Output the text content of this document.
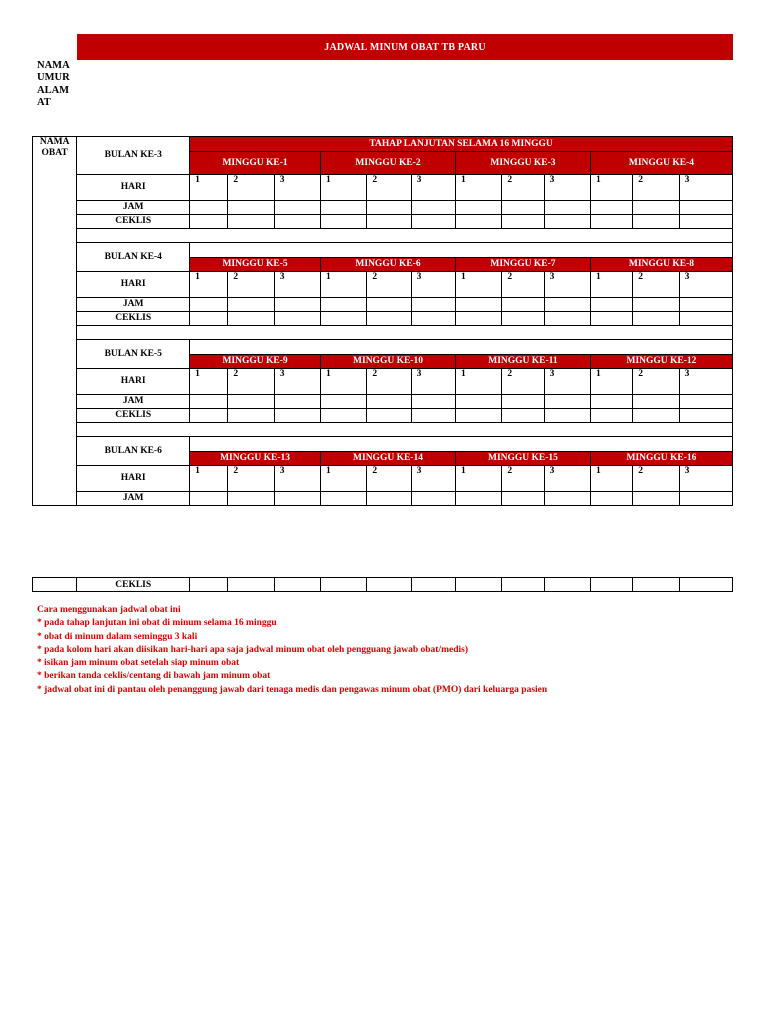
JADWAL MINUM OBAT TB PARU
NAMA
UMUR
ALAMAT
NAMA OBAT	BULAN KE-3	TAHAP LANJUTAN SELAMA 16 MINGGU											
		MINGGU KE-1			MINGGU KE-2			MINGGU KE-3			MINGGU KE-4		
	HARI	1	2	3	1	2	3	1	2	3	1	2	3
	JAM												
	CEKLIS												

	BULAN KE-4												
		MINGGU KE-5			MINGGU KE-6			MINGGU KE-7			MINGGU KE-8		
	HARI	1	2	3	1	2	3	1	2	3	1	2	3
	JAM												
	CEKLIS												

	BULAN KE-5												
		MINGGU KE-9			MINGGU KE-10			MINGGU KE-11			MINGGU KE-12		
	HARI	1	2	3	1	2	3	1	2	3	1	2	3
	JAM												
	CEKLIS												

	BULAN KE-6												
		MINGGU KE-13			MINGGU KE-14			MINGGU KE-15			MINGGU KE-16		
	HARI	1	2	3	1	2	3	1	2	3	1	2	3
	JAM												
	CEKLIS												
Cara menggunakan jadwal obat ini
* pada tahap lanjutan ini obat di minum selama 16 minggu
* obat di minum dalam seminggu 3 kali
* pada kolom hari akan diisikan hari-hari apa saja jadwal minum obat oleh pengguang jawab obat/medis)
* isikan jam minum obat setelah siap minum obat
* berikan tanda ceklis/centang di bawah jam minum obat
* jadwal obat ini di pantau oleh penanggung jawab dari tenaga medis dan pengawas minum obat (PMO) dari keluarga pasien
